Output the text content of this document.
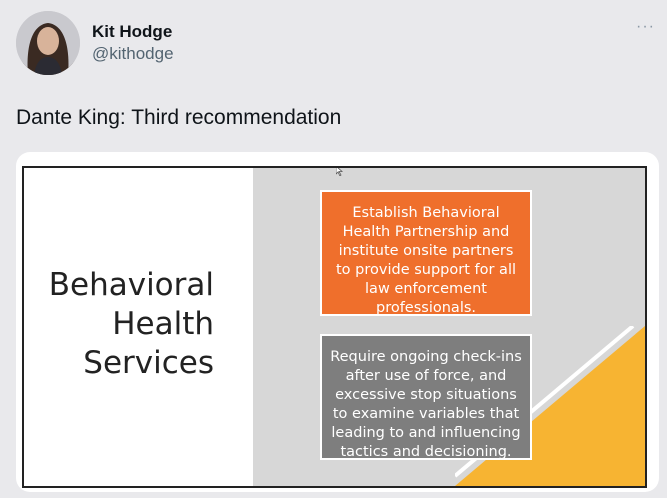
Kit Hodge
@kithodge
···
Dante King: Third recommendation
Behavioral
Health
Services
Establish Behavioral Health Partnership and institute onsite partners to provide support for all law enforcement professionals.
Require ongoing check-ins after use of force, and excessive stop situations to examine variables that leading to and influencing tactics and decisioning.
